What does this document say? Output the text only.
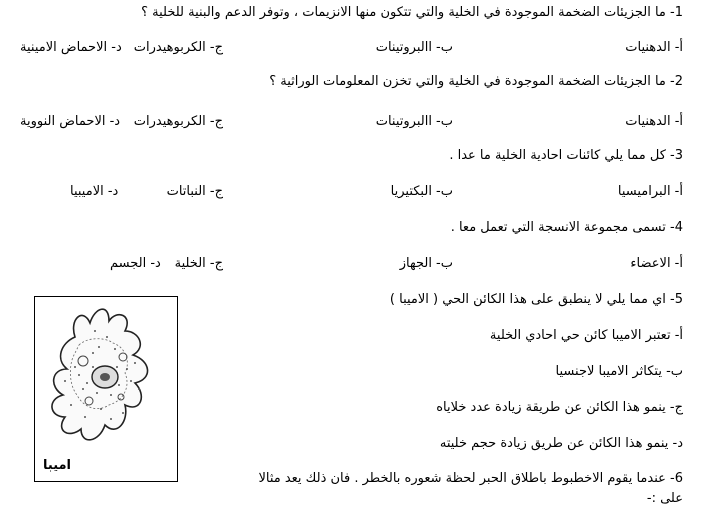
1- ما الجزيئات الضخمة الموجودة في الخلية والتي تتكون منها الانزيمات ، وتوفر الدعم والبنية للخلية ؟
أ- الدهنيات
ب- االبروتينات
ج- الكربوهيدرات
د- الاحماض الامينية
2- ما الجزيئات الضخمة الموجودة في الخلية والتي تخزن المعلومات الوراثية ؟
أ- الدهنيات
ب- االبروتينات
ج- الكربوهيدرات
د- الاحماض النووية
3- كل مما يلي كائنات احادية الخلية ما عدا .
أ- البراميسيا
ب- البكتيريا
ج- النباتات
د- الاميبيا
4- تسمى مجموعة الانسجة التي تعمل معا .
أ- الاعضاء
ب- الجهاز
ج- الخلية
د- الجسم
5- اي مما يلي لا ينطبق على هذا الكائن الحي ( الاميبا )
أ- تعتبر الاميبا كائن حي احادي الخلية
ب- يتكاثر الاميبا لاجنسيا
ج- ينمو هذا الكائن عن طريقة زيادة عدد خلاياه
د- ينمو هذا الكائن عن طريق زيادة حجم خليته
6- عندما يقوم الاخطبوط باطلاق الحبر لحظة شعوره بالخطر . فان ذلك يعد مثالا
على :-
اميبا
